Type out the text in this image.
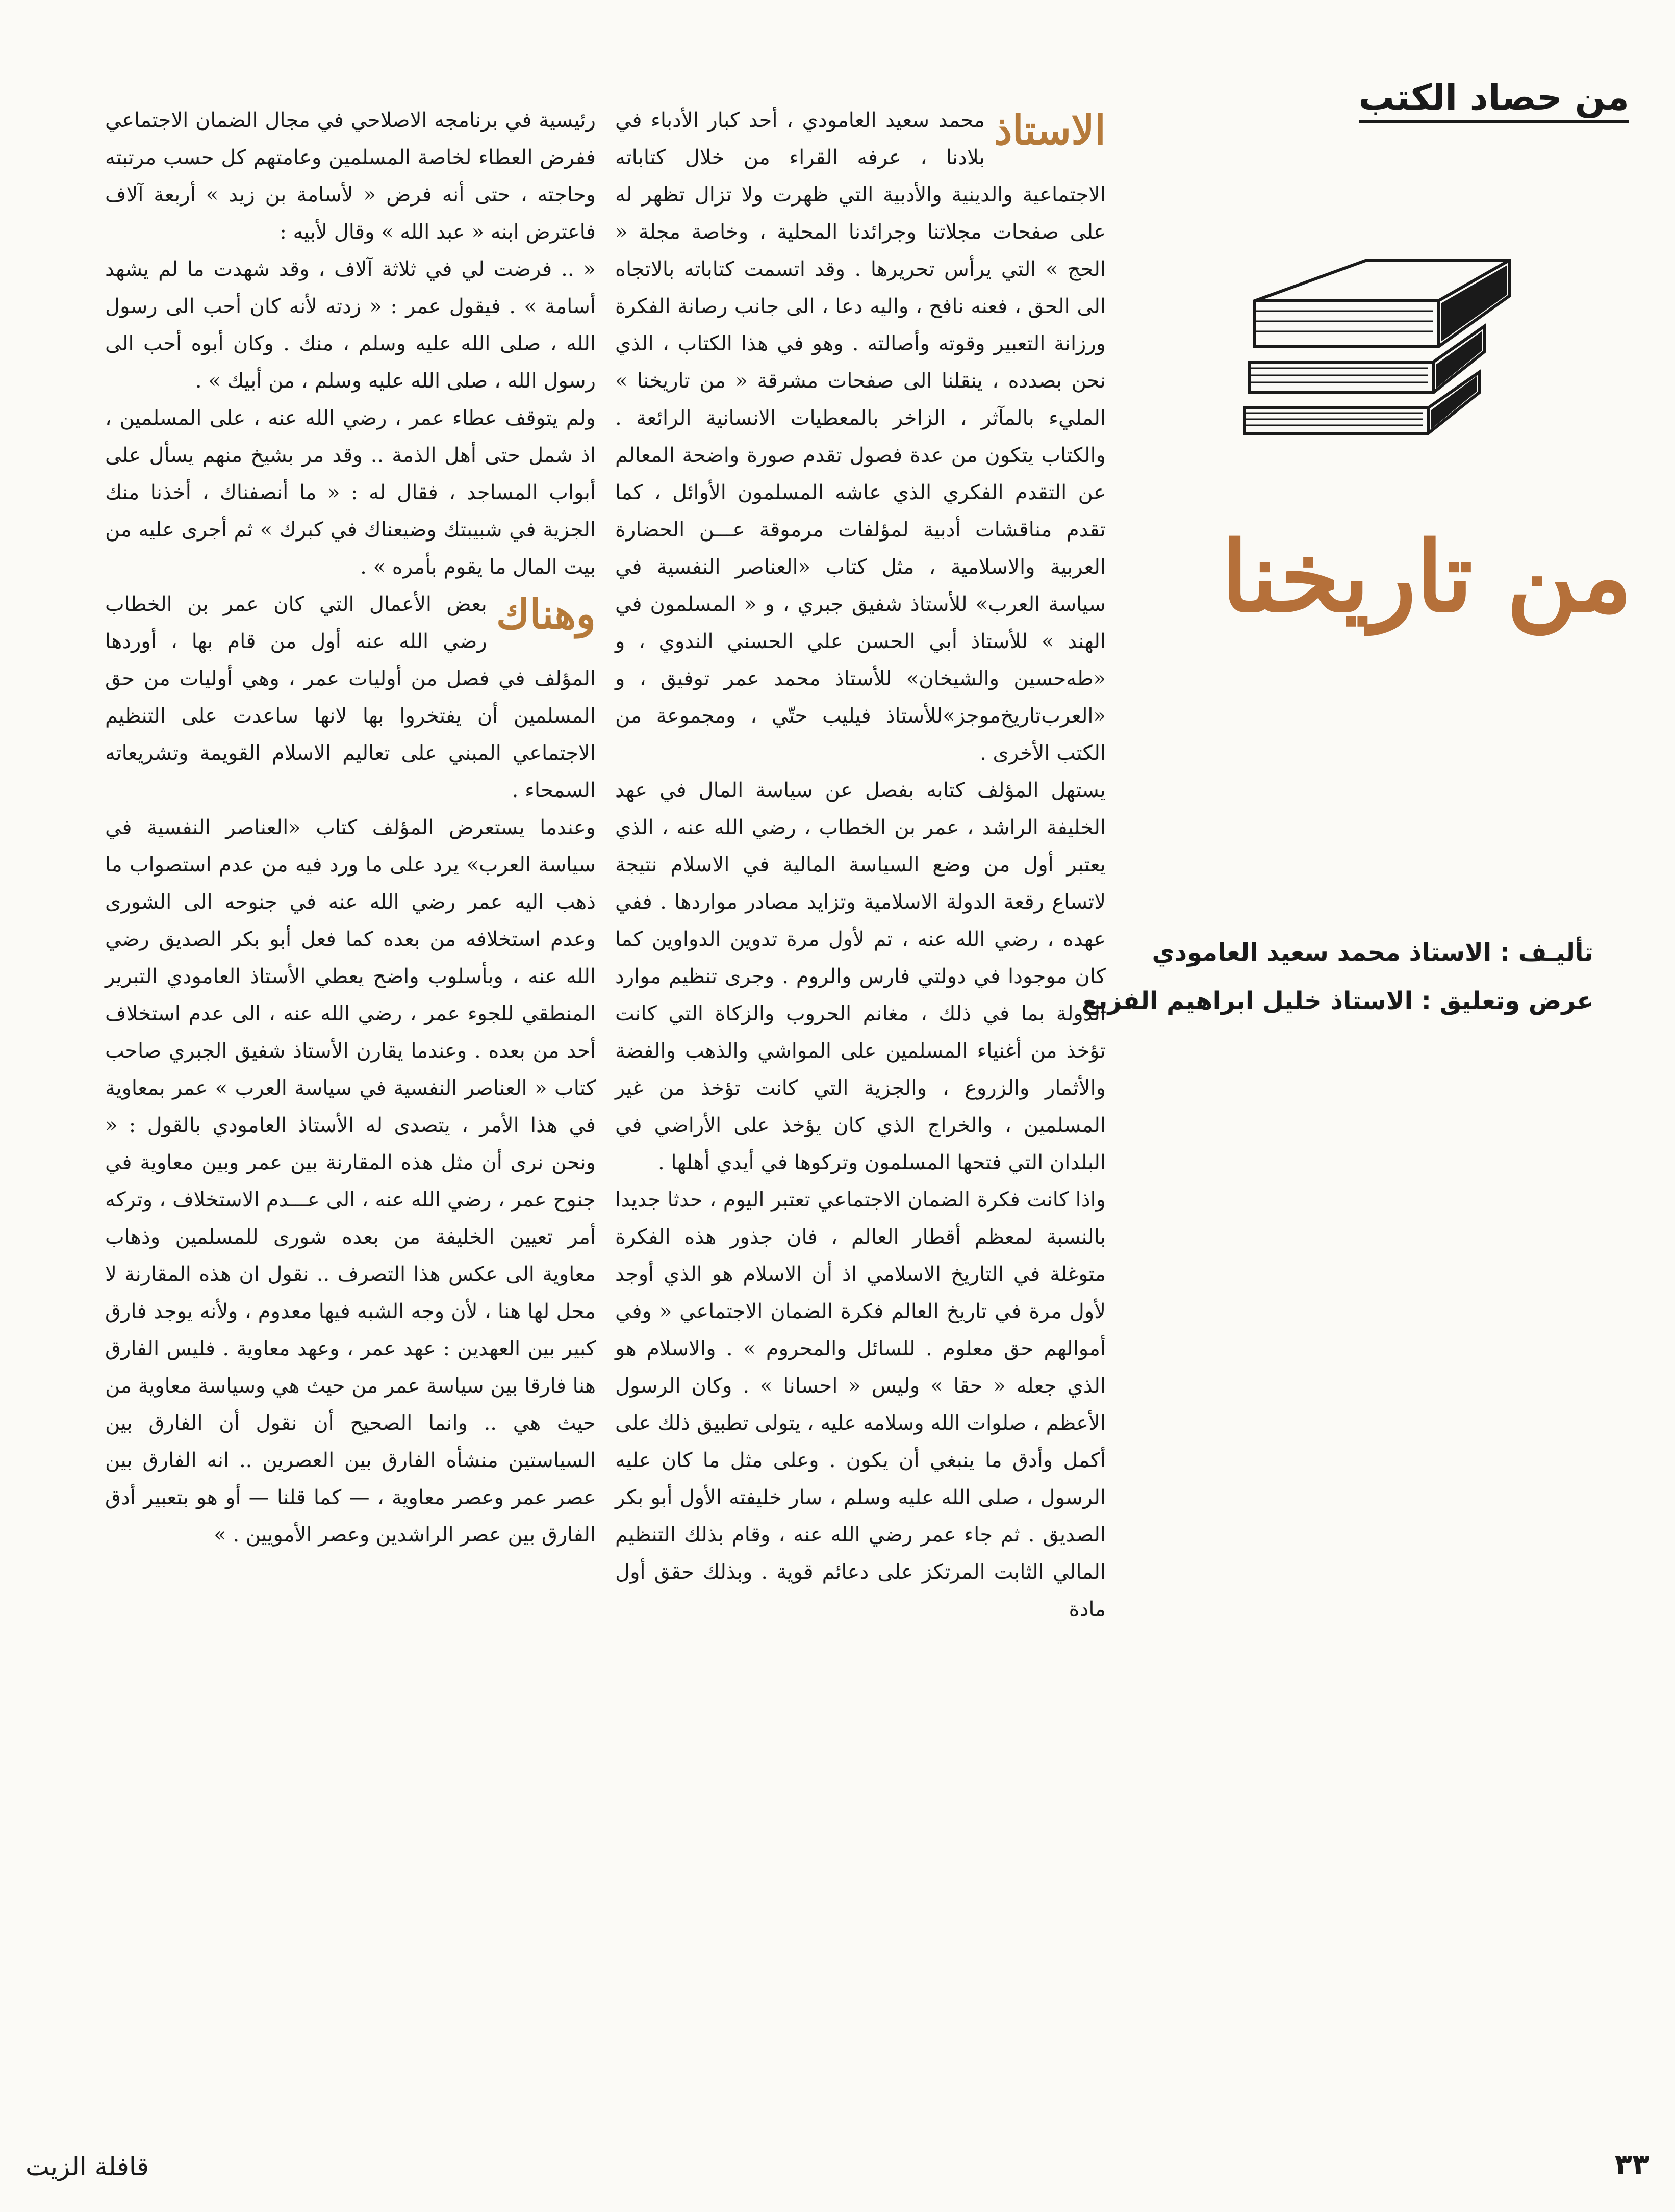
من حصاد الكتب
من تاريخنا
تأليـف : الاستاذ محمد سعيد العامودي
عرض وتعليق : الاستاذ خليل ابراهيم الفزيع
الاستاذ

محمد سعيد العامودي ، أحد كبار الأدباء في بلادنا ، عرفه القراء من خلال كتاباته الاجتماعية والدينية والأدبية التي ظهرت ولا تزال تظهر له على صفحات مجلاتنا وجرائدنا المحلية ، وخاصة مجلة « الحج » التي يرأس تحريرها . وقد اتسمت كتاباته بالاتجاه الى الحق ، فعنه نافح ، واليه دعا ، الى جانب رصانة الفكرة ورزانة التعبير وقوته وأصالته . وهو في هذا الكتاب ، الذي نحن بصدده ، ينقلنا الى صفحات مشرقة « من تاريخنا » المليء بالمآثر ، الزاخر بالمعطيات الانسانية الرائعة . والكتاب يتكون من عدة فصول تقدم صورة واضحة المعالم عن التقدم الفكري الذي عاشه المسلمون الأوائل ، كما تقدم مناقشات أدبية لمؤلفات مرموقة عـــن الحضارة العربية والاسلامية ، مثل كتاب «العناصر النفسية في سياسة العرب» للأستاذ شفيق جبري ، و « المسلمون في الهند » للأستاذ أبي الحسن علي الحسني الندوي ، و «طه‌حسين والشيخان» للأستاذ محمد عمر توفيق ، و «العرب‌تاريخ‌موجز»للأستاذ فيليب حتّي ، ومجموعة من الكتب الأخرى .

يستهل المؤلف كتابه بفصل عن سياسة المال في عهد الخليفة الراشد ، عمر بن الخطاب ، رضي الله عنه ، الذي يعتبر أول من وضع السياسة المالية في الاسلام نتيجة لاتساع رقعة الدولة الاسلامية وتزايد مصادر مواردها . ففي عهده ، رضي الله عنه ، تم لأول مرة تدوين الدواوين كما كان موجودا في دولتي فارس والروم . وجرى تنظيم موارد الدولة بما في ذلك ، مغانم الحروب والزكاة التي كانت تؤخذ من أغنياء المسلمين على المواشي والذهب والفضة والأثمار والزروع ، والجزية التي كانت تؤخذ من غير المسلمين ، والخراج الذي كان يؤخذ على الأراضي في البلدان التي فتحها المسلمون وتركوها في أيدي أهلها .

واذا كانت فكرة الضمان الاجتماعي تعتبر اليوم ، حدثا جديدا بالنسبة لمعظم أقطار العالم ، فان جذور هذه الفكرة متوغلة في التاريخ الاسلامي اذ أن الاسلام هو الذي أوجد لأول مرة في تاريخ العالم فكرة الضمان الاجتماعي « وفي أموالهم حق معلوم . للسائل والمحروم » . والاسلام هو الذي جعله « حقا » وليس « احسانا » . وكان الرسول الأعظم ، صلوات الله وسلامه عليه ، يتولى تطبيق ذلك على أكمل وأدق ما ينبغي أن يكون . وعلى مثل ما كان عليه الرسول ، صلى الله عليه وسلم ، سار خليفته الأول أبو بكر الصديق . ثم جاء عمر رضي الله عنه ، وقام بذلك التنظيم المالي الثابت المرتكز على دعائم قوية . وبذلك حقق أول مادة

رئيسية في برنامجه الاصلاحي في مجال الضمان الاجتماعي ففرض العطاء لخاصة المسلمين وعامتهم كل حسب مرتبته وحاجته ، حتى أنه فرض « لأسامة بن زيد » أربعة آلاف فاعترض ابنه « عبد الله » وقال لأبيه :

« .. فرضت لي في ثلاثة آلاف ، وقد شهدت ما لم يشهد أسامة » . فيقول عمر : « زدته لأنه كان أحب الى رسول الله ، صلى الله عليه وسلم ، منك . وكان أبوه أحب الى رسول الله ، صلى الله عليه وسلم ، من أبيك » .

ولم يتوقف عطاء عمر ، رضي الله عنه ، على المسلمين ، اذ شمل حتى أهل الذمة .. وقد مر بشيخ منهم يسأل على أبواب المساجد ، فقال له : « ما أنصفناك ، أخذنا منك الجزية في شبيبتك وضيعناك في كبرك » ثم أجرى عليه من بيت المال ما يقوم بأمره » .

وهناك

بعض الأعمال التي كان عمر بن الخطاب رضي الله عنه أول من قام بها ، أوردها المؤلف في فصل من أوليات عمر ، وهي أوليات من حق المسلمين أن يفتخروا بها لانها ساعدت على التنظيم الاجتماعي المبني على تعاليم الاسلام القويمة وتشريعاته السمحاء .

وعندما يستعرض المؤلف كتاب «العناصر النفسية في سياسة العرب» يرد على ما ورد فيه من عدم استصواب ما ذهب اليه عمر رضي الله عنه في جنوحه الى الشورى وعدم استخلافه من بعده كما فعل أبو بكر الصديق رضي الله عنه ، وبأسلوب واضح يعطي الأستاذ العامودي التبرير المنطقي للجوء عمر ، رضي الله عنه ، الى عدم استخلاف أحد من بعده . وعندما يقارن الأستاذ شفيق الجبري صاحب كتاب « العناصر النفسية في سياسة العرب » عمر بمعاوية في هذا الأمر ، يتصدى له الأستاذ العامودي بالقول : « ونحن نرى أن مثل هذه المقارنة بين عمر وبين معاوية في جنوح عمر ، رضي الله عنه ، الى عـــدم الاستخلاف ، وتركه أمر تعيين الخليفة من بعده شورى للمسلمين وذهاب معاوية الى عكس هذا التصرف .. نقول ان هذه المقارنة لا محل لها هنا ، لأن وجه الشبه فيها معدوم ، ولأنه يوجد فارق كبير بين العهدين : عهد عمر ، وعهد معاوية . فليس الفارق هنا فارقا بين سياسة عمر من حيث هي وسياسة معاوية من حيث هي .. وانما الصحيح أن نقول أن الفارق بين السياستين منشأه الفارق بين العصرين .. انه الفارق بين عصر عمر وعصر معاوية ، — كما قلنا — أو هو بتعبير أدق الفارق بين عصر الراشدين وعصر الأمويين . »

٣٣
قافلة الزيت
